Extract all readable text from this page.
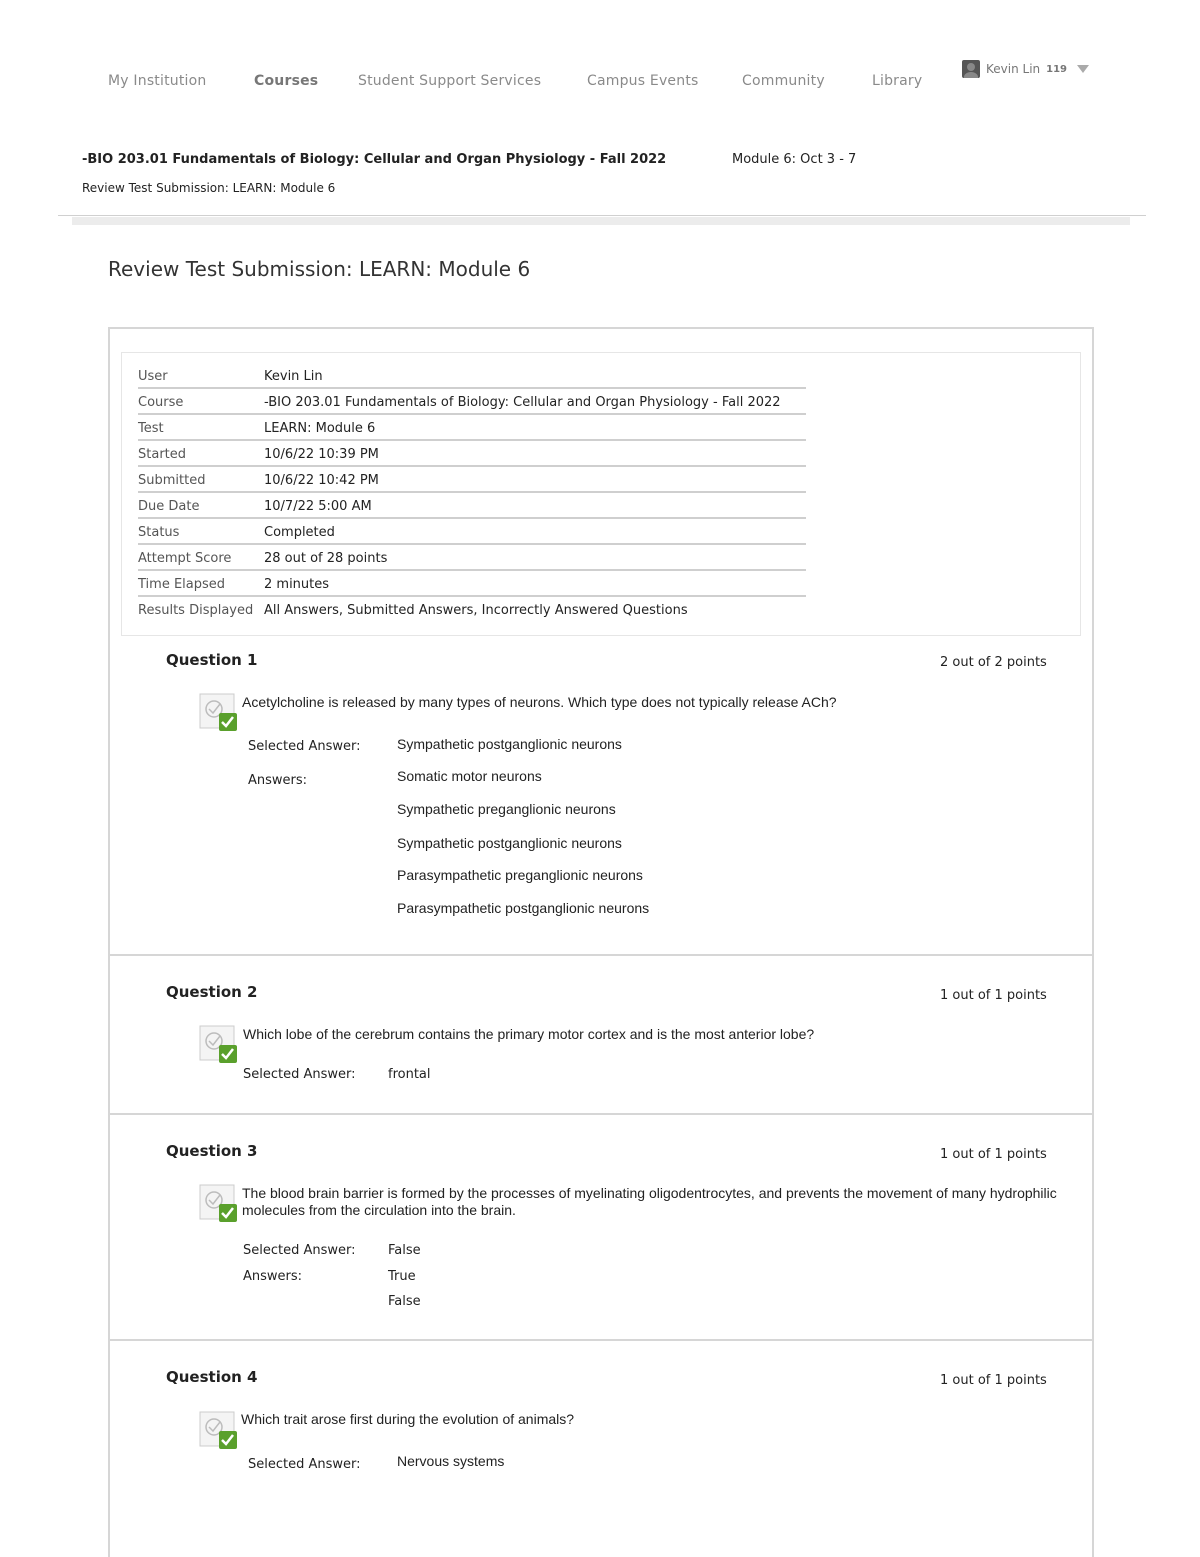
My Institution	Courses	Student Support Services	Campus Events	Community	Library
Kevin Lin 119
-BIO 203.01 Fundamentals of Biology: Cellular and Organ Physiology - Fall 2022	Module 6: Oct 3 - 7
Review Test Submission: LEARN: Module 6
Review Test Submission: LEARN: Module 6
User	Kevin Lin
Course	-BIO 203.01 Fundamentals of Biology: Cellular and Organ Physiology - Fall 2022
Test	LEARN: Module 6
Started	10/6/22 10:39 PM
Submitted	10/6/22 10:42 PM
Due Date	10/7/22 5:00 AM
Status	Completed
Attempt Score	28 out of 28 points
Time Elapsed	2 minutes
Results Displayed All Answers, Submitted Answers, Incorrectly Answered Questions
Question 1	2 out of 2 points
Acetylcholine is released by many types of neurons. Which type does not typically release ACh?
Selected Answer:	Sympathetic postganglionic neurons
Answers:	Somatic motor neurons
Sympathetic preganglionic neurons
Sympathetic postganglionic neurons
Parasympathetic preganglionic neurons
Parasympathetic postganglionic neurons
Question 2	1 out of 1 points
Which lobe of the cerebrum contains the primary motor cortex and is the most anterior lobe?
Selected Answer: frontal
Question 3	1 out of 1 points
The blood brain barrier is formed by the processes of myelinating oligodentrocytes, and prevents the movement of many hydrophilic molecules from the circulation into the brain.
Selected Answer: False
Answers:	True
False
Question 4	1 out of 1 points
Which trait arose first during the evolution of animals?
Selected Answer:	Nervous systems
